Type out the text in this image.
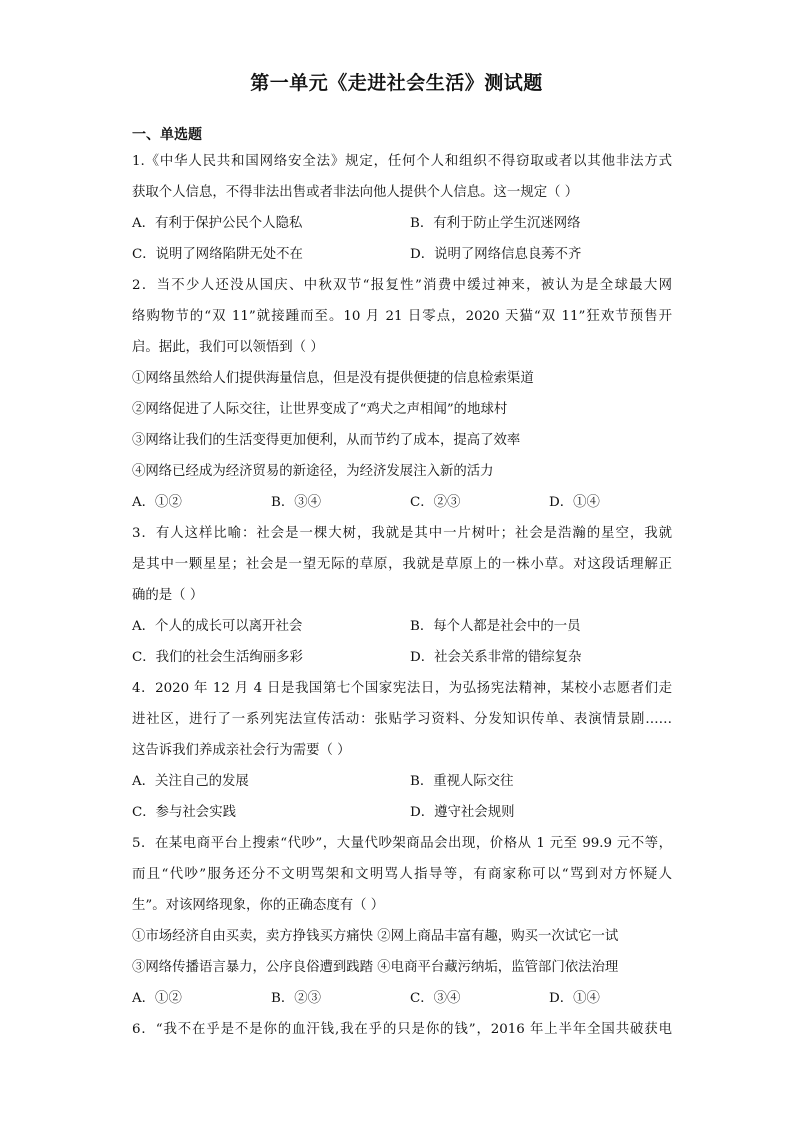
第一单元《走进社会生活》测试题
一、单选题
1.《中华人民共和国网络安全法》规定，任何个人和组织不得窃取或者以其他非法方式
获取个人信息，不得非法出售或者非法向他人提供个人信息。这一规定（ ）
A．有利于保护公民个人隐私	B．有利于防止学生沉迷网络
C．说明了网络陷阱无处不在	D．说明了网络信息良莠不齐
2．当不少人还没从国庆、中秋双节“报复性”消费中缓过神来，被认为是全球最大网
络购物节的“双 11”就接踵而至。10 月 21 日零点，2020 天猫“双 11”狂欢节预售开
启。据此，我们可以领悟到（ ）
①网络虽然给人们提供海量信息，但是没有提供便捷的信息检索渠道
②网络促进了人际交往，让世界变成了“鸡犬之声相闻”的地球村
③网络让我们的生活变得更加便利，从而节约了成本，提高了效率
④网络已经成为经济贸易的新途径，为经济发展注入新的活力
A．①②	B．③④	C．②③	D．①④
3．有人这样比喻：社会是一棵大树，我就是其中一片树叶；社会是浩瀚的星空，我就
是其中一颗星星；社会是一望无际的草原，我就是草原上的一株小草。对这段话理解正
确的是（ ）
A．个人的成长可以离开社会	B．每个人都是社会中的一员
C．我们的社会生活绚丽多彩	D．社会关系非常的错综复杂
4．2020 年 12 月 4 日是我国第七个国家宪法日，为弘扬宪法精神，某校小志愿者们走
进社区，进行了一系列宪法宣传活动：张贴学习资料、分发知识传单、表演情景剧……
这告诉我们养成亲社会行为需要（ ）
A．关注自己的发展	B．重视人际交往
C．参与社会实践	D．遵守社会规则
5．在某电商平台上搜索“代吵”，大量代吵架商品会出现，价格从 1 元至 99.9 元不等，
而且“代吵”服务还分不文明骂架和文明骂人指导等，有商家称可以“骂到对方怀疑人
生”。对该网络现象，你的正确态度有（ ）
①市场经济自由买卖，卖方挣钱买方痛快 ②网上商品丰富有趣，购买一次试它一试
③网络传播语言暴力，公序良俗遭到践踏 ④电商平台藏污纳垢，监管部门依法治理
A．①②	B．②③	C．③④	D．①④
6．“我不在乎是不是你的血汗钱,我在乎的只是你的钱”，2016 年上半年全国共破获电
